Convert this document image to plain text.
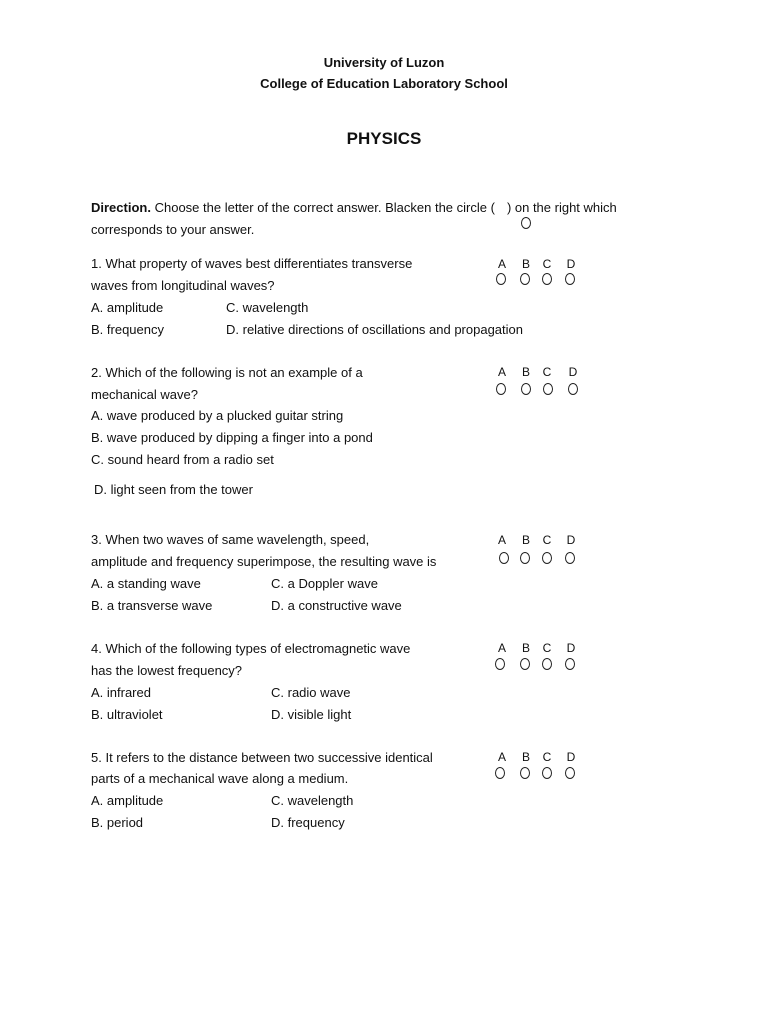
University of Luzon
College of Education Laboratory School
PHYSICS
Direction. Choose the letter of the correct answer. Blacken the circle ( ) on the right which
corresponds to your answer.
1. What property of waves best differentiates transverse
waves from longitudinal waves?
A. amplitude	C. wavelength
B. frequency	D. relative directions of oscillations and propagation
A B C D
2. Which of the following is not an example of a
mechanical wave?
A. wave produced by a plucked guitar string
B. wave produced by dipping a finger into a pond
C. sound heard from a radio set
D. light seen from the tower
A B C D
3. When two waves of same wavelength, speed,
amplitude and frequency superimpose, the resulting wave is
A. a standing wave	C. a Doppler wave
B. a transverse wave	D. a constructive wave
A B C D
4. Which of the following types of electromagnetic wave
has the lowest frequency?
A. infrared	C. radio wave
B. ultraviolet	D. visible light
A B C D
5. It refers to the distance between two successive identical
parts of a mechanical wave along a medium.
A. amplitude	C. wavelength
B. period	D. frequency
A B C D
